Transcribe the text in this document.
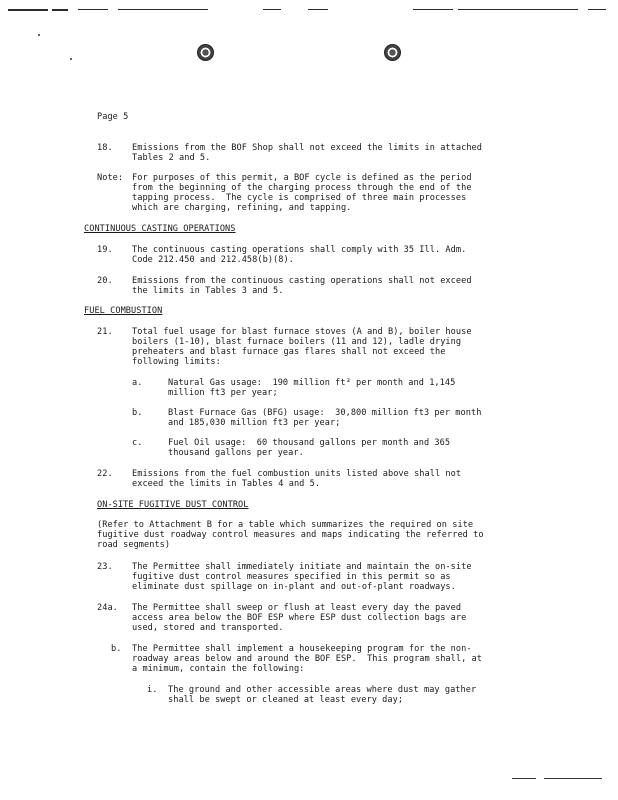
Page 5
18. Emissions from the BOF Shop shall not exceed the limits in attached
Tables 2 and 5.
Note: For purposes of this permit, a BOF cycle is defined as the period
from the beginning of the charging process through the end of the
tapping process.  The cycle is comprised of three main processes
which are charging, refining, and tapping.
CONTINUOUS CASTING OPERATIONS
19. The continuous casting operations shall comply with 35 Ill. Adm.
Code 212.450 and 212.458(b)(8).
20. Emissions from the continuous casting operations shall not exceed
the limits in Tables 3 and 5.
FUEL COMBUSTION
21. Total fuel usage for blast furnace stoves (A and B), boiler house
boilers (1-10), blast furnace boilers (11 and 12), ladle drying
preheaters and blast furnace gas flares shall not exceed the
following limits:
a.	Natural Gas usage:  190 million ft³ per month and 1,145
million ft3 per year;
b.	Blast Furnace Gas (BFG) usage:  30,800 million ft3 per month
and 185,030 million ft3 per year;
c.	Fuel Oil usage:  60 thousand gallons per month and 365
thousand gallons per year.
22. Emissions from the fuel combustion units listed above shall not
exceed the limits in Tables 4 and 5.
ON-SITE FUGITIVE DUST CONTROL
(Refer to Attachment B for a table which summarizes the required on site
fugitive dust roadway control measures and maps indicating the referred to
road segments)
23. The Permittee shall immediately initiate and maintain the on-site
fugitive dust control measures specified in this permit so as
eliminate dust spillage on in-plant and out-of-plant roadways.
24a. The Permittee shall sweep or flush at least every day the paved
access area below the BOF ESP where ESP dust collection bags are
used, stored and transported.
b. The Permittee shall implement a housekeeping program for the non-
roadway areas below and around the BOF ESP.  This program shall, at
a minimum, contain the following:
i. The ground and other accessible areas where dust may gather
shall be swept or cleaned at least every day;
